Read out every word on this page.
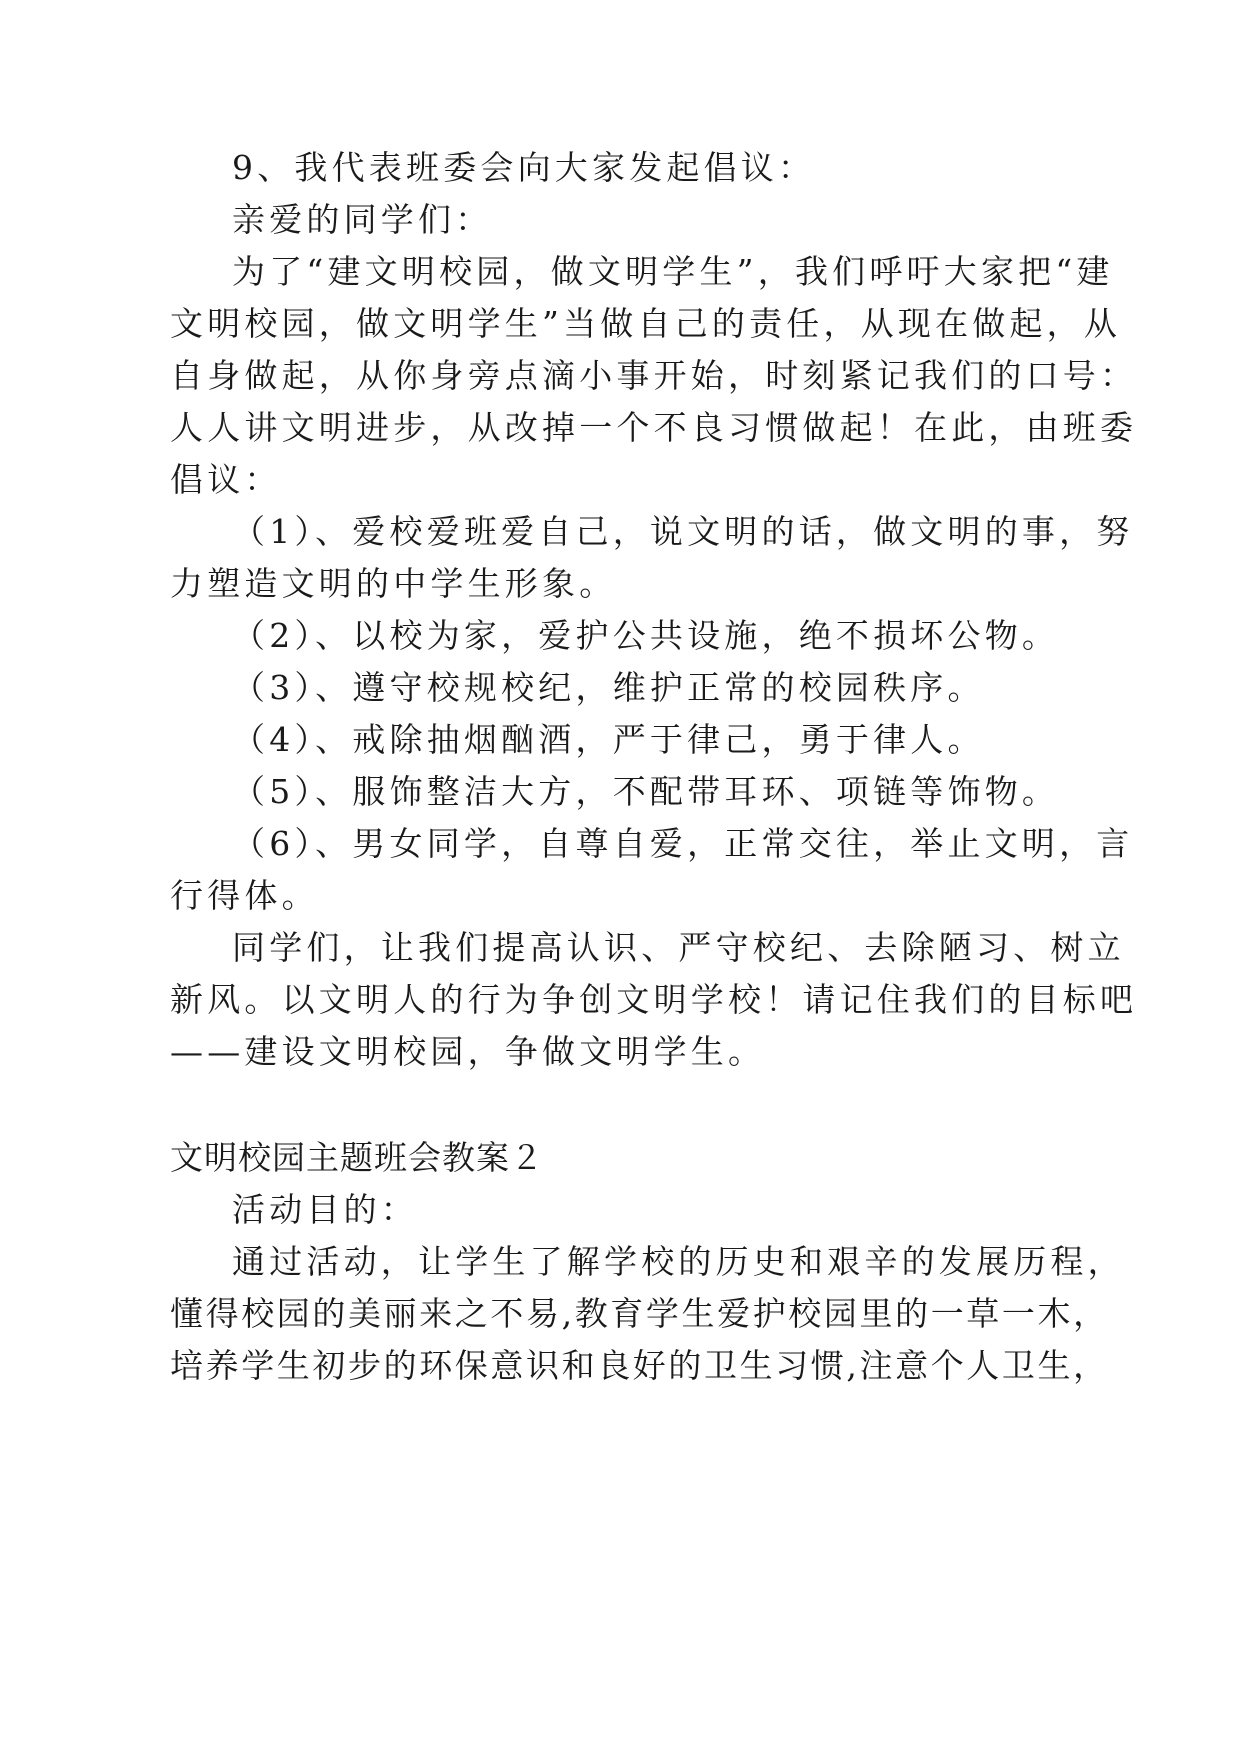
9、我代表班委会向大家发起倡议：
亲爱的同学们：
为了“建文明校园，做文明学生”，我们呼吁大家把“建
文明校园，做文明学生”当做自己的责任，从现在做起，从
自身做起，从你身旁点滴小事开始，时刻紧记我们的口号：
人人讲文明进步，从改掉一个不良习惯做起！在此，由班委
倡议：
（1）、爱校爱班爱自己，说文明的话，做文明的事，努
力塑造文明的中学生形象。
（2）、以校为家，爱护公共设施，绝不损坏公物。
（3）、遵守校规校纪，维护正常的校园秩序。
（4）、戒除抽烟酗酒，严于律己，勇于律人。
（5）、服饰整洁大方，不配带耳环、项链等饰物。
（6）、男女同学，自尊自爱，正常交往，举止文明，言
行得体。
同学们，让我们提高认识、严守校纪、去除陋习、树立
新风。以文明人的行为争创文明学校！请记住我们的目标吧
——建设文明校园，争做文明学生。
文明校园主题班会教案２
活动目的：
通过活动，让学生了解学校的历史和艰辛的发展历程，
懂得校园的美丽来之不易,教育学生爱护校园里的一草一木，
培养学生初步的环保意识和良好的卫生习惯,注意个人卫生，
